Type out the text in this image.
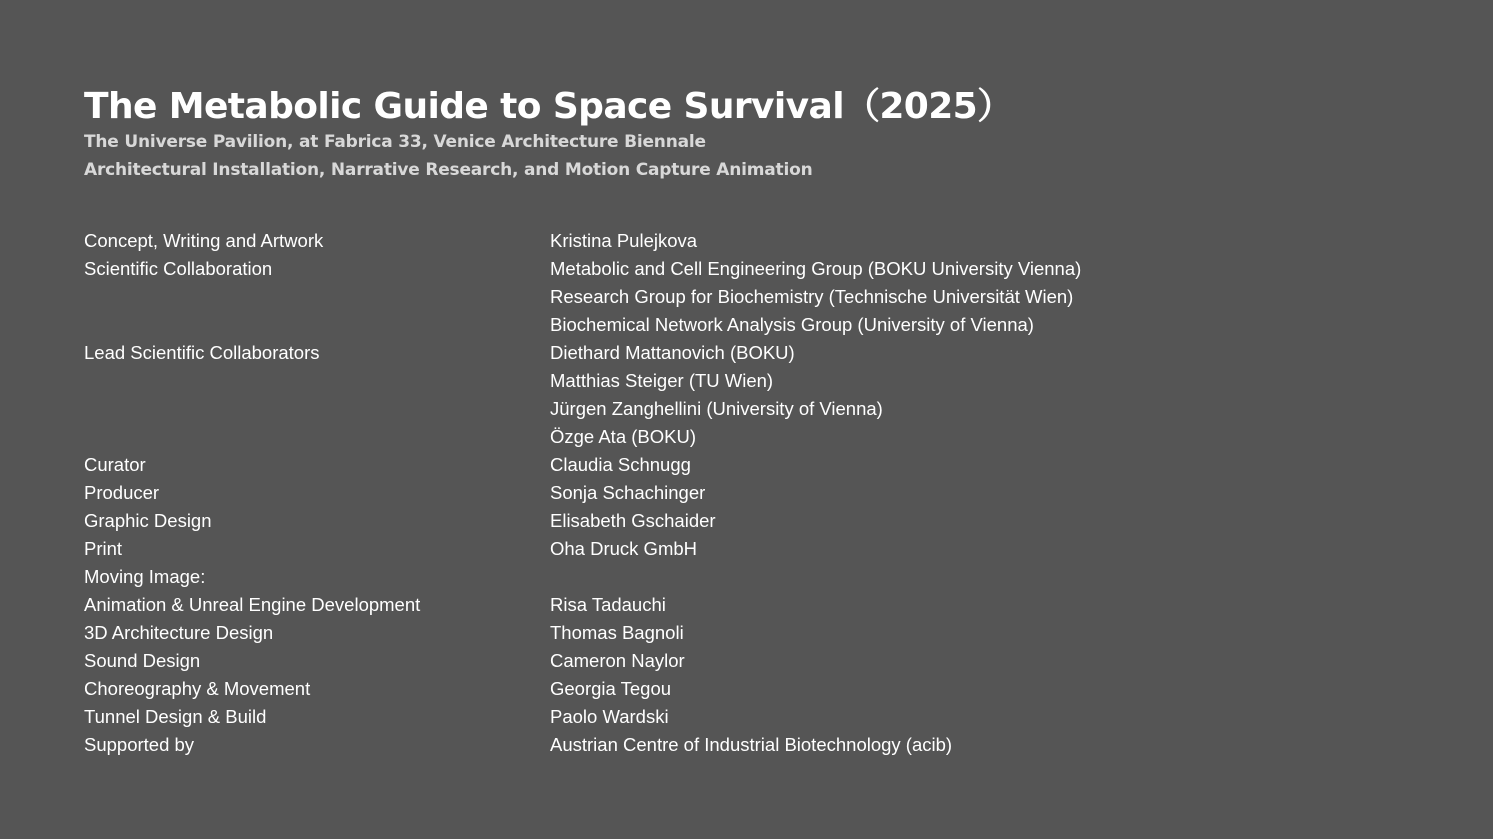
The Metabolic Guide to Space Survival（2025）
The Universe Pavilion, at Fabrica 33, Venice Architecture Biennale
Architectural Installation, Narrative Research, and Motion Capture Animation
Concept, Writing and Artwork	Kristina Pulejkova
Scientific Collaboration	Metabolic and Cell Engineering Group (BOKU University Vienna)
Research Group for Biochemistry (Technische Universität Wien)
Biochemical Network Analysis Group (University of Vienna)
Lead Scientific Collaborators	Diethard Mattanovich (BOKU)
Matthias Steiger (TU Wien)
Jürgen Zanghellini (University of Vienna)
Özge Ata (BOKU)
Curator	Claudia Schnugg
Producer	Sonja Schachinger
Graphic Design	Elisabeth Gschaider
Print	Oha Druck GmbH
Moving Image:
Animation & Unreal Engine Development	Risa Tadauchi
3D Architecture Design	Thomas Bagnoli
Sound Design	Cameron Naylor
Choreography & Movement	Georgia Tegou
Tunnel Design & Build	Paolo Wardski
Supported by	Austrian Centre of Industrial Biotechnology (acib)
